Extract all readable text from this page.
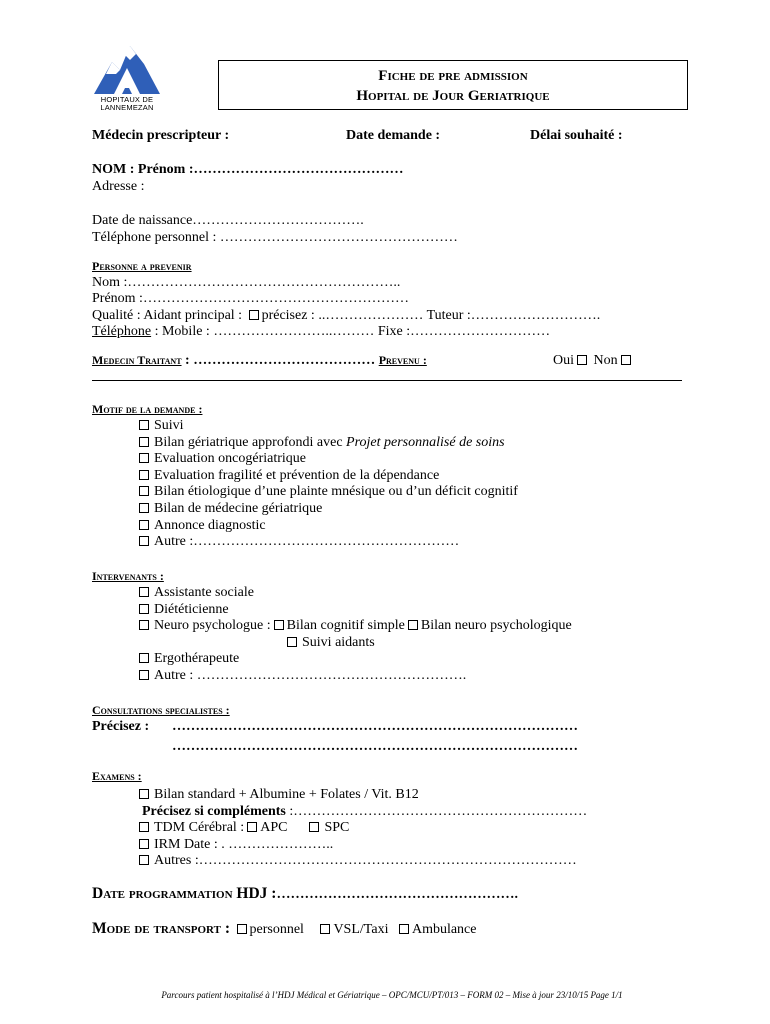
HOPITAUX DE
LANNEMEZAN
Fiche de pre admission
Hopital de Jour Geriatrique
Médecin prescripteur :	Date demande :	Délai souhaité :
NOM : Prénom :………………………………………
Adresse :
Date de naissance……………………………….
Téléphone personnel : ……………………………………………
Personne a prevenir
Nom :…………………………………………………..
Prénom :…………………………………………………
Qualité : Aidant principal : précisez : ..………………… Tuteur :……………………….
Téléphone : Mobile : ……………………..……… Fixe :…………………………
Medecin Traitant : ………………………………… Prevenu :	Oui Non
Motif de la demande :
Suivi
Bilan gériatrique approfondi avec Projet personnalisé de soins
Evaluation oncogériatrique
Evaluation fragilité et prévention de la dépendance
Bilan étiologique d’une plainte mnésique ou d’un déficit cognitif
Bilan de médecine gériatrique
Annonce diagnostic
Autre :…………………………………………………
Intervenants :
Assistante sociale
Diététicienne
Neuro psychologue : Bilan cognitif simple Bilan neuro psychologique
Suivi aidants
Ergothérapeute
Autre : ………………………………………………….
Consultations specialistes :
Précisez : ……………………………………………………………………………
……………………………………………………………………………
Examens :
Bilan standard + Albumine + Folates / Vit. B12
Précisez si compléments :………………………………………………………
TDM Cérébral : APC	SPC
IRM Date : . …………………..
Autres :………………………………………………………………………
Date programmation HDJ :…………………………………………….
Mode de transport : personnel VSL/Taxi Ambulance
Parcours patient hospitalisé à l’HDJ Médical et Gériatrique – OPC/MCU/PT/013 – FORM 02 – Mise à jour 23/10/15 Page 1/1
